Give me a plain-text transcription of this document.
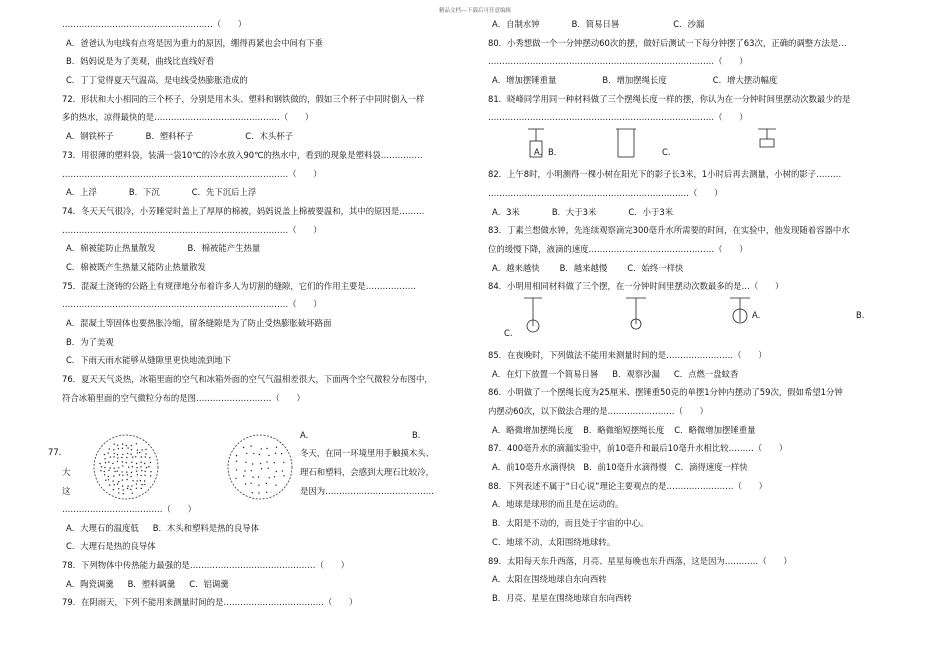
精品文档---下载后可任意编辑
………………………………………………（　　）
A．爸爸认为电线有点弯是因为重力的原因，绷得再紧也会中间有下垂
B．妈妈说是为了美观，曲线比直线好看
C．丁丁觉得夏天气温高，是电线受热膨胀造成的
72．形状和大小相同的三个杯子，分别是用木头、塑料和钢铁做的，假如三个杯子中同时倒入一样
多的热水，凉得最快的是………………………………………（　　）
A．钢铁杯子	B．塑料杯子	C．木头杯子
73．用很薄的塑料袋，装满一袋10℃的冷水放入90℃的热水中，看到的现象是塑料袋……………
………………………………………………………………………（　　）
A．上浮	B．下沉	C．先下沉后上浮
74．冬天天气很冷，小芳睡觉时盖上了厚厚的棉被，妈妈说盖上棉被要温和，其中的原因是………
………………………………………………………………………（　　）
A．棉被能防止热量散发	B．棉被能产生热量
C．棉被既产生热量又能防止热量散发
75．混凝土浇铸的公路上有规律地分布着许多人为切割的缝隙，它们的作用主要是………………
………………………………………………………………………（　　）
A．混凝土等固体也要热胀冷缩，留条缝隙是为了防止受热膨胀破坏路面
B．为了美观
C．下雨天雨水能够从缝隙里更快地流到地下
76．夏天天气炎热，冰箱里面的空气和冰箱外面的空气气温相差很大，下面两个空气微粒分布图中，
符合冰箱里面的空气微粒分布的是图………………………（　　）
A.	B.
77.
大
这
冬天，在同一环境里用手触摸木头、
理石和塑料，会感到大理石比较冷，
是因为…………………………………
………………………………（　　）
A．大理石的温度低 B．木头和塑料是热的良导体
C．大理石是热的良导体
78．下列物体中传热能力最强的是………………………………………（　　）
A．陶瓷调羹 B．塑料调羹 C．铝调羹
79．在阴雨天，下列不能用来测量时间的是………………………………（　　）
A．自制水钟	B．简易日晷	C．沙漏
80．小秀想做一个一分钟摆动60次的摆，做好后测试一下每分钟摆了63次，正确的调整方法是…
………………………………………………………………………（　　）
A．增加摆锤重量	B．增加摆绳长度	C．增大摆动幅度
81．晓峰同学用同一种材料做了三个摆绳长度一样的摆，你认为在一分钟时间里摆动次数最少的是
………………………………………………………………………（　　）
A. B.	C.
82．上午8时，小明测得一棵小树在阳光下的影子长3米，1小时后再去测量，小树的影子………
………………………………………………………………（　　）
A．3米	B．大于3米	C．小于3米
83．丁素兰想做水钟，先连续观察滴完300毫升水所需要的时间，在实验中，他发现随着容器中水
位的缓慢下降，液滴的速度………………………………………（　　）
A．越来越快 B．越来越慢 C．始终一样快
84．小明用相同材料做了三个摆，在一分钟时间里摆动次数最多的是…（　　）
A.	B.
C.
85．在夜晚时，下列做法不能用来测量时间的是……………………（　　）
A．在灯下放置一个简易日晷 B．观察沙漏 C．点燃一盘蚊香
86．小明做了一个摆绳长度为25厘米、摆锤重50克的单摆1分钟内摆动了59次，假如希望1分钟
内摆动60次，以下做法合理的是……………………（　　）
A．略微增加摆绳长度 B．略微缩短摆绳长度 C．略微增加摆锤重量
87．400毫升水的滴漏实验中，前10毫升和最后10毫升水相比较………（　　）
A．前10毫升水滴得快 B．前10毫升水滴得慢 C．滴得速度一样快
88．下列表述不属于“日心说”理论主要观点的是……………………（　　）
A．地球是球形的而且是在运动的。
B．太阳是不动的，而且处于宇宙的中心。
C．地球不动，太阳围绕地球转。
89．太阳每天东升西落，月亮、星星每晚也东升西落，这是因为…………（　　）
A．太阳在围绕地球自东向西转
B．月亮、星星在围绕地球自东向西转
